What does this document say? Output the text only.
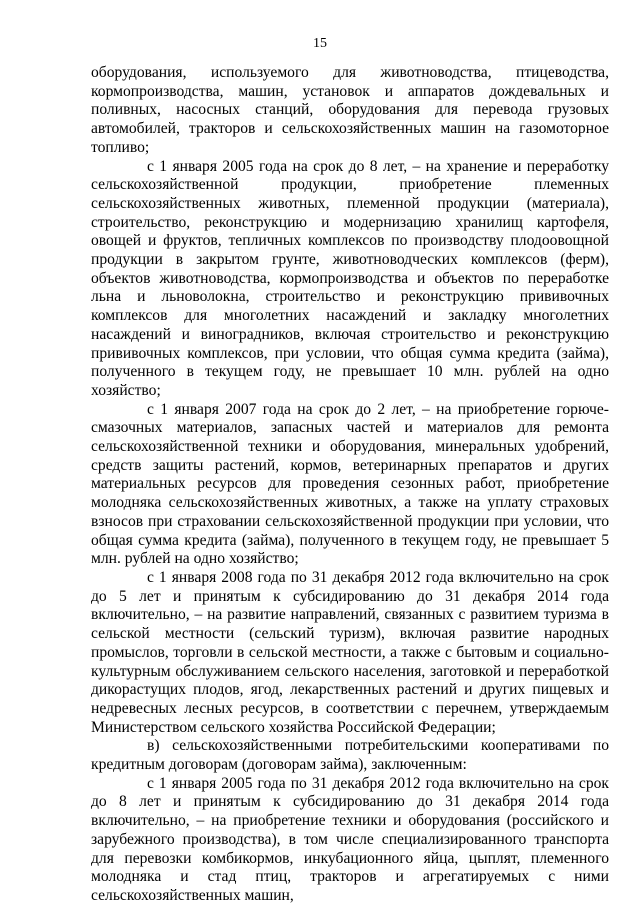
15

оборудования, используемого для животноводства, птицеводства, кормопроизводства, машин, установок и аппаратов дождевальных и поливных, насосных станций, оборудования для перевода грузовых автомобилей, тракторов и сельскохозяйственных машин на газомоторное топливо;

с 1 января 2005 года на срок до 8 лет, – на хранение и переработку сельскохозяйственной продукции, приобретение племенных сельскохозяйственных животных, племенной продукции (материала), строительство, реконструкцию и модернизацию хранилищ картофеля, овощей и фруктов, тепличных комплексов по производству плодоовощной продукции в закрытом грунте, животноводческих комплексов (ферм), объектов животноводства, кормопроизводства и объектов по переработке льна и льноволокна, строительство и реконструкцию прививочных комплексов для многолетних насаждений и закладку многолетних насаждений и виноградников, включая строительство и реконструкцию прививочных комплексов, при условии, что общая сумма кредита (займа), полученного в текущем году, не превышает 10 млн. рублей на одно хозяйство;

с 1 января 2007 года на срок до 2 лет, – на приобретение горюче-смазочных материалов, запасных частей и материалов для ремонта сельскохозяйственной техники и оборудования, минеральных удобрений, средств защиты растений, кормов, ветеринарных препаратов и других материальных ресурсов для проведения сезонных работ, приобретение молодняка сельскохозяйственных животных, а также на уплату страховых взносов при страховании сельскохозяйственной продукции при условии, что общая сумма кредита (займа), полученного в текущем году, не превышает 5 млн. рублей на одно хозяйство;

с 1 января 2008 года по 31 декабря 2012 года включительно на срок до 5 лет и принятым к субсидированию до 31 декабря 2014 года включительно, – на развитие направлений, связанных с развитием туризма в сельской местности (сельский туризм), включая развитие народных промыслов, торговли в сельской местности, а также с бытовым и социально-культурным обслуживанием сельского населения, заготовкой и переработкой дикорастущих плодов, ягод, лекарственных растений и других пищевых и недревесных лесных ресурсов, в соответствии с перечнем, утверждаемым Министерством сельского хозяйства Российской Федерации;

в) сельскохозяйственными потребительскими кооперативами по кредитным договорам (договорам займа), заключенным:

с 1 января 2005 года по 31 декабря 2012 года включительно на срок до 8 лет и принятым к субсидированию до 31 декабря 2014 года включительно, – на приобретение техники и оборудования (российского и зарубежного производства), в том числе специализированного транспорта для перевозки комбикормов, инкубационного яйца, цыплят, племенного молодняка и стад птиц, тракторов и агрегатируемых с ними сельскохозяйственных машин,
